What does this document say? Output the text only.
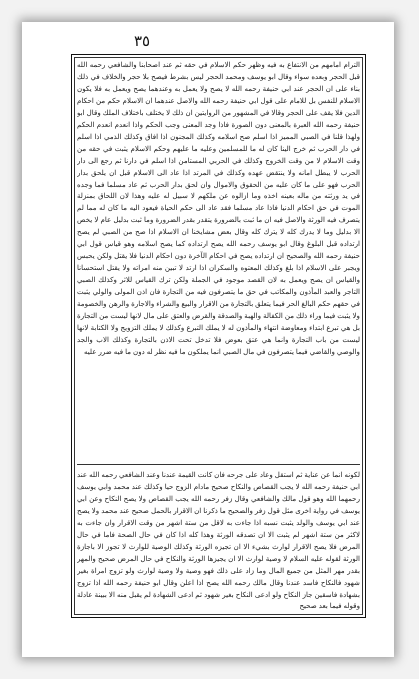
٣٥

الترام امامهم من الانتفاع به فيه وظهر حكم الاسلام في حقه ثم عند اصحابنا والشافعي رحمه الله قبل الحجر وبعده سواء وقال ابو يوسف ومحمد الحجر ليس بشرط فيصح بلا حجر والخلاف في ذلك بناء على ان الحجر عند ابي حنيفة رحمه الله لا يصح ولا يعمل به وعندهما يصح ويعمل به فلا يكون الاسلام للنفس بل للامام على قول ابي حنيفة رحمه الله والاصل عندهما ان الاسلام حكم من احكام الدين فلا يقف على الحجر وقالا في المشهور من الروايتين ان ذلك لا يختلف باختلاف الملك وقال ابو حنيفة رحمه الله العبرة بالمعنى دون الصورة فاذا وجد المعنى وجب الحكم واذا انعدم انعدم الحكم ولهذا قلنا في الصبي المميز اذا اسلم صح اسلامه وكذلك المجنون اذا افاق وكذلك الذمي اذا اسلم في دار الحرب ثم خرج الينا كان له ما للمسلمين وعليه ما عليهم وحكم الاسلام يثبت في حقه من وقت الاسلام لا من وقت الخروج وكذلك في الحربي المستامن اذا اسلم في دارنا ثم رجع الى دار الحرب لا يبطل امانه ولا ينتقض عهده وكذلك في المرتد اذا عاد الى الاسلام قبل ان يلحق بدار الحرب فهو على ما كان عليه من الحقوق والاموال وان لحق بدار الحرب ثم عاد مسلما فما وجده في يد ورثته من ماله بعينه اخذه وما ازالوه عن ملكهم لا سبيل له عليه وهذا لان اللحاق بمنزلة الموت في حق احكام الدنيا فاذا عاد مسلما فقد عاد الى حكم الحياة فيعود اليه ما كان له مما لم يتصرف فيه الورثة والاصل فيه ان ما ثبت بالضرورة يتقدر بقدر الضرورة وما ثبت بدليل عام لا يخص الا بدليل وما لا يدرك كله لا يترك كله وقال بعض مشايخنا ان الاسلام اذا صح من الصبي لم يصح ارتداده قبل البلوغ وقال ابو يوسف رحمه الله يصح ارتداده كما يصح اسلامه وهو قياس قول ابي حنيفة رحمه الله والصحيح ان ارتداده يصح في احكام الآخرة دون احكام الدنيا فلا يقتل ولكن يحبس ويجبر على الاسلام اذا بلغ وكذلك المعتوه والسكران اذا ارتد لا تبين منه امراته ولا يقتل استحسانا والقياس ان يصح ويعمل به لان القصد موجود في الجملة ولكن ترك القياس للاثر وكذلك الصبي التاجر والعبد المأذون والمكاتب في حق ما يتصرفون فيه من التجارة فان اذن المولى والولي يثبت في حقهم حكم البالغ الحر فيما يتعلق بالتجارة من الاقرار والبيع والشراء والاجارة والرهن والخصومة ولا يثبت فيما وراء ذلك من الكفالة والهبة والصدقة والقرض والعتق على مال لانها ليست من التجارة بل هي تبرع ابتداء ومعاوضة انتهاء والمأذون له لا يملك التبرع وكذلك لا يملك التزويج ولا الكتابة لانها ليست من باب التجارة وانما هي عتق بعوض فلا تدخل تحت الاذن بالتجارة وكذلك الاب والجد والوصي والقاضي فيما يتصرفون في مال الصبي انما يملكون ما فيه نظر له دون ما فيه ضرر عليه

لكونه انما عن عناية ثم استقل وعاد على جرحه فان كانت القيمة عندنا وعند الشافعي رحمه الله عند ابي حنيفة رحمه الله لا يجب القصاص والنكاح صحيح مادام الزوج حيا وكذلك عند محمد وابي يوسف رحمهما الله وهو قول مالك والشافعي وقال زفر رحمه الله يجب القصاص ولا يصح النكاح وعن ابي يوسف في رواية اخرى مثل قول زفر والصحيح ما ذكرنا ان الاقرار بالحمل صحيح عند محمد ولا يصح عند ابي يوسف والولد يثبت نسبه اذا جاءت به لاقل من ستة اشهر من وقت الاقرار وان جاءت به لاكثر من ستة اشهر لم يثبت الا ان تصدقه الورثة وهذا كله اذا كان في حال الصحة فاما في حال المرض فلا يصح الاقرار لوارث بشيء الا ان تجيزه الورثة وكذلك الوصية للوارث لا تجوز الا باجازة الورثة لقوله عليه السلام لا وصية لوارث الا ان يجيزها الورثة والنكاح في حال المرض صحيح والمهر بقدر مهر المثل من جميع المال وما زاد على ذلك فهو وصية ولا وصية لوارث ولو تزوج امراة بغير شهود فالنكاح فاسد عندنا وقال مالك رحمه الله يصح اذا اعلن وقال ابو حنيفة رحمه الله اذا تزوج بشهادة فاسقين جاز النكاح ولو ادعى النكاح بغير شهود ثم ادعى الشهادة لم يقبل منه الا ببينة عادلة وقوله فيما بعد صحيح
